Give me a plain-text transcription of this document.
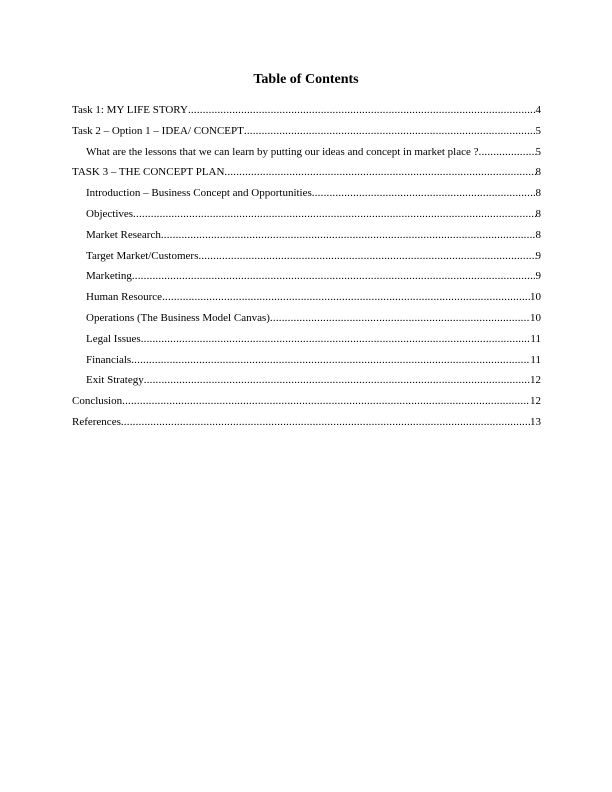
Table of Contents
Task 1: MY LIFE STORY .....	4
Task 2 – Option 1 – IDEA/ CONCEPT .....	5
What are the lessons that we can learn by putting our ideas and concept in market place ? .....	5
TASK 3 – THE CONCEPT PLAN .....	8
Introduction – Business Concept and Opportunities .....	8
Objectives .....	8
Market Research .....	8
Target Market/Customers .....	9
Marketing .....	9
Human Resource .....	10
Operations (The Business Model Canvas) .....	10
Legal Issues .....	11
Financials .....	11
Exit Strategy .....	12
Conclusion .....	12
References .....	13
